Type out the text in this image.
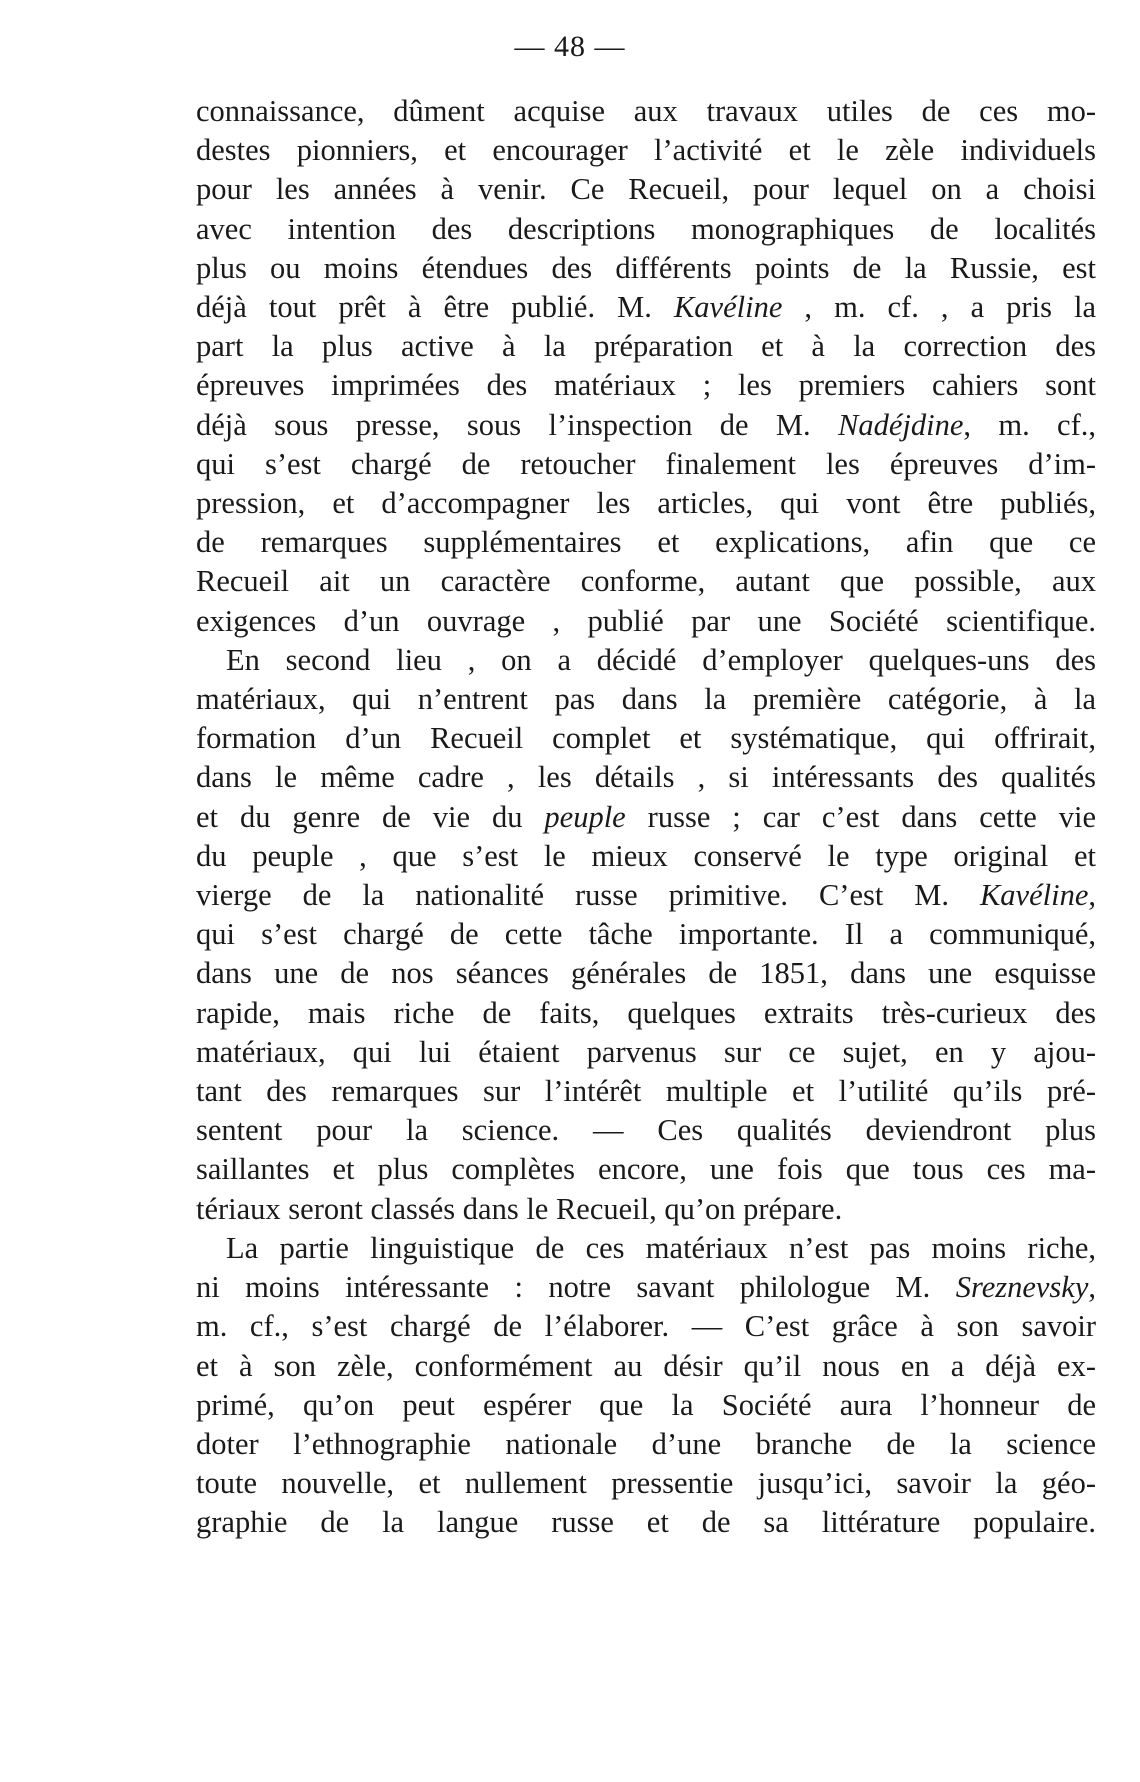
— 48 —
connaissance, dûment acquise aux travaux utiles de ces mo-
destes pionniers, et encourager l’activité et le zèle individuels
pour les années à venir. Ce Recueil, pour lequel on a choisi
avec intention des descriptions monographiques de localités
plus ou moins étendues des différents points de la Russie, est
déjà tout prêt à être publié. M. Kavéline , m. cf. , a pris la
part la plus active à la préparation et à la correction des
épreuves imprimées des matériaux ; les premiers cahiers sont
déjà sous presse, sous l’inspection de M. Nadéjdine, m. cf.,
qui s’est chargé de retoucher finalement les épreuves d’im-
pression, et d’accompagner les articles, qui vont être publiés,
de remarques supplémentaires et explications, afin que ce
Recueil ait un caractère conforme, autant que possible, aux
exigences d’un ouvrage , publié par une Société scientifique.
En second lieu , on a décidé d’employer quelques-uns des
matériaux, qui n’entrent pas dans la première catégorie, à la
formation d’un Recueil complet et systématique, qui offrirait,
dans le même cadre , les détails , si intéressants des qualités
et du genre de vie du peuple russe ; car c’est dans cette vie
du peuple , que s’est le mieux conservé le type original et
vierge de la nationalité russe primitive. C’est M. Kavéline,
qui s’est chargé de cette tâche importante. Il a communiqué,
dans une de nos séances générales de 1851, dans une esquisse
rapide, mais riche de faits, quelques extraits très-curieux des
matériaux, qui lui étaient parvenus sur ce sujet, en y ajou-
tant des remarques sur l’intérêt multiple et l’utilité qu’ils pré-
sentent pour la science. — Ces qualités deviendront plus
saillantes et plus complètes encore, une fois que tous ces ma-
tériaux seront classés dans le Recueil, qu’on prépare.
La partie linguistique de ces matériaux n’est pas moins riche,
ni moins intéressante : notre savant philologue M. Sreznevsky,
m. cf., s’est chargé de l’élaborer. — C’est grâce à son savoir
et à son zèle, conformément au désir qu’il nous en a déjà ex-
primé, qu’on peut espérer que la Société aura l’honneur de
doter l’ethnographie nationale d’une branche de la science
toute nouvelle, et nullement pressentie jusqu’ici, savoir la géo-
graphie de la langue russe et de sa littérature populaire.
